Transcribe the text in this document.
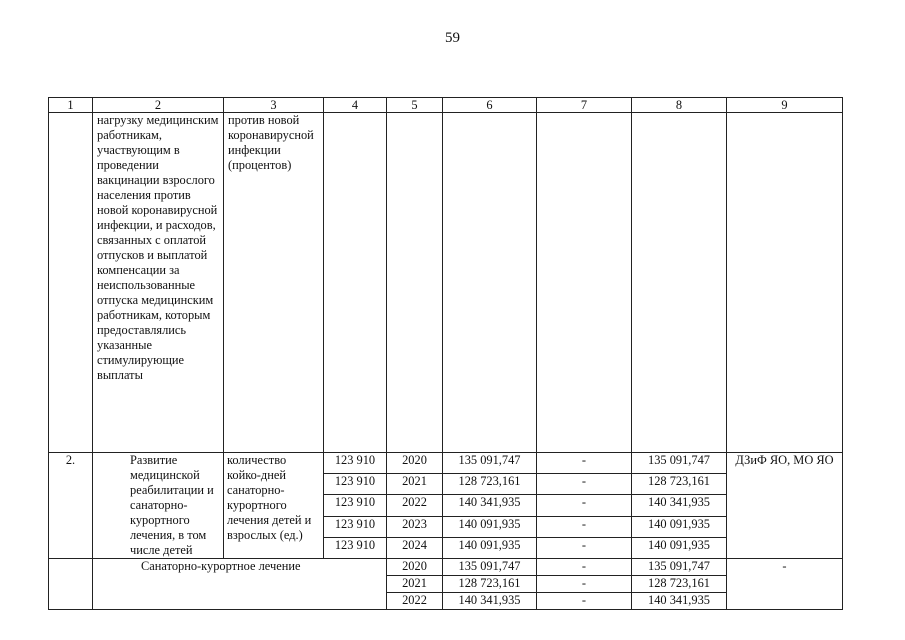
59
1	2	3	4	5	6	7	8	9
	нагрузку медицинским работникам, участвующим в проведении вакцинации взрослого населения против новой коронавирусной инфекции, и расходов, связанных с оплатой отпусков и выплатой компенсации за неиспользованные отпуска медицинским работникам, которым предоставлялись указанные стимулирующие выплаты	против новой коронавирусной инфекции (процентов)						
2.	Развитие медицинской реабилитации и санаторно-курортного лечения, в том числе детей	количество койко-дней санаторно-курортного лечения детей и взрослых (ед.)	123 910	2020	135 091,747	-	135 091,747	ДЗиФ ЯО, МО ЯО
			123 910	2021	128 723,161	-	128 723,161	
			123 910	2022	140 341,935	-	140 341,935	
			123 910	2023	140 091,935	-	140 091,935	
			123 910	2024	140 091,935	-	140 091,935	
	Санаторно-курортное лечение			2020	135 091,747	-	135 091,747	-
				2021	128 723,161	-	128 723,161	
				2022	140 341,935	-	140 341,935	
